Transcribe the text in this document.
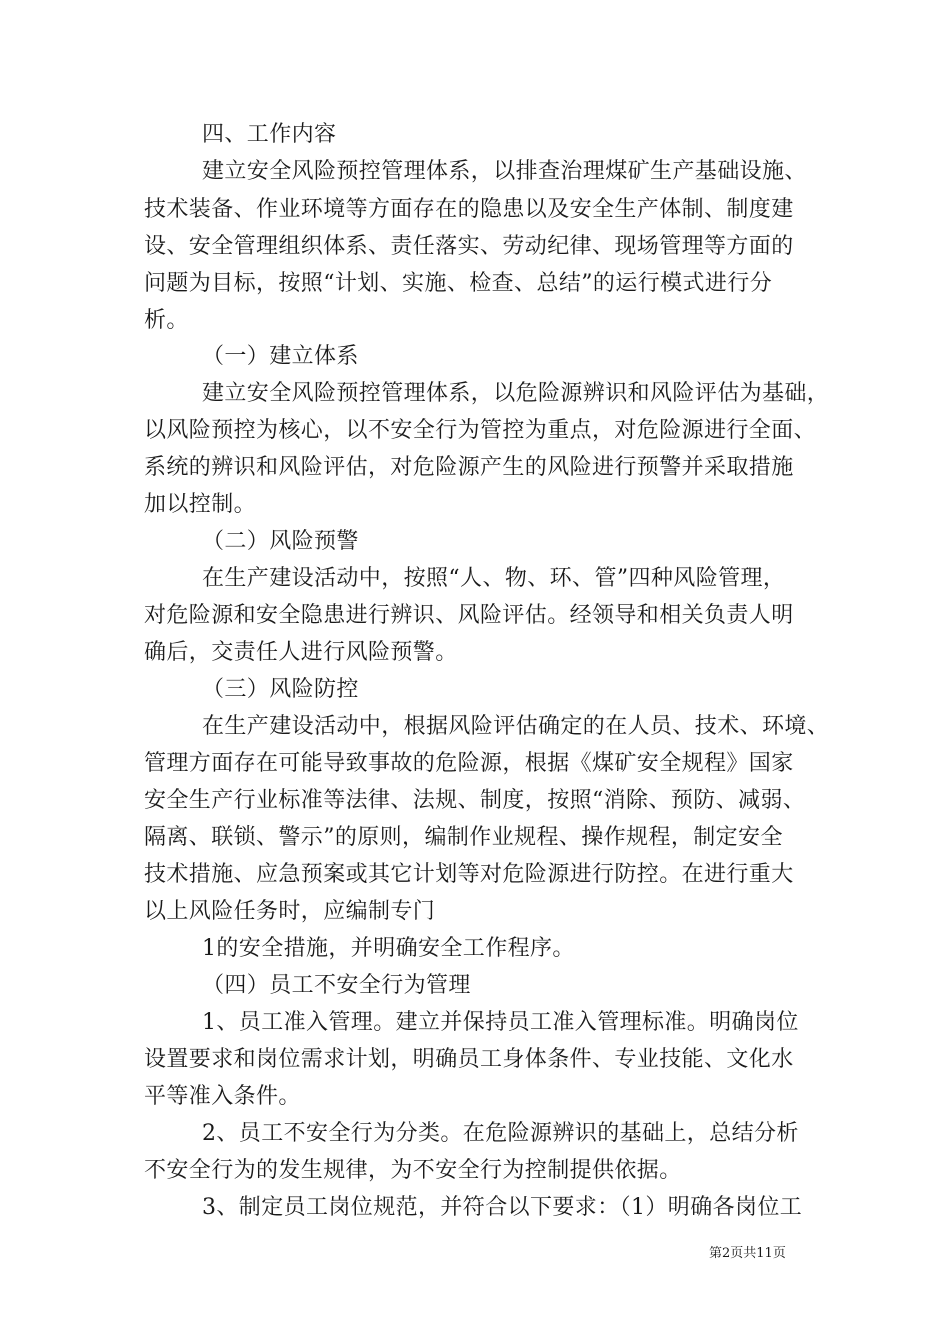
四、工作内容
建立安全风险预控管理体系，以排查治理煤矿生产基础设施、
技术装备、作业环境等方面存在的隐患以及安全生产体制、制度建
设、安全管理组织体系、责任落实、劳动纪律、现场管理等方面的
问题为目标，按照“计划、实施、检查、总结”的运行模式进行分
析。
（一）建立体系
建立安全风险预控管理体系，以危险源辨识和风险评估为基础，
以风险预控为核心，以不安全行为管控为重点，对危险源进行全面、
系统的辨识和风险评估，对危险源产生的风险进行预警并采取措施
加以控制。
（二）风险预警
在生产建设活动中，按照“人、物、环、管”四种风险管理，
对危险源和安全隐患进行辨识、风险评估。经领导和相关负责人明
确后，交责任人进行风险预警。
（三）风险防控
在生产建设活动中，根据风险评估确定的在人员、技术、环境、
管理方面存在可能导致事故的危险源，根据《煤矿安全规程》国家
安全生产行业标准等法律、法规、制度，按照“消除、预防、减弱、
隔离、联锁、警示”的原则，编制作业规程、操作规程，制定安全
技术措施、应急预案或其它计划等对危险源进行防控。在进行重大
以上风险任务时，应编制专门
1的安全措施，并明确安全工作程序。
（四）员工不安全行为管理
1、员工准入管理。建立并保持员工准入管理标准。明确岗位
设置要求和岗位需求计划，明确员工身体条件、专业技能、文化水
平等准入条件。
2、员工不安全行为分类。在危险源辨识的基础上，总结分析
不安全行为的发生规律，为不安全行为控制提供依据。
3、制定员工岗位规范，并符合以下要求：（1）明确各岗位工
第2页共11页
